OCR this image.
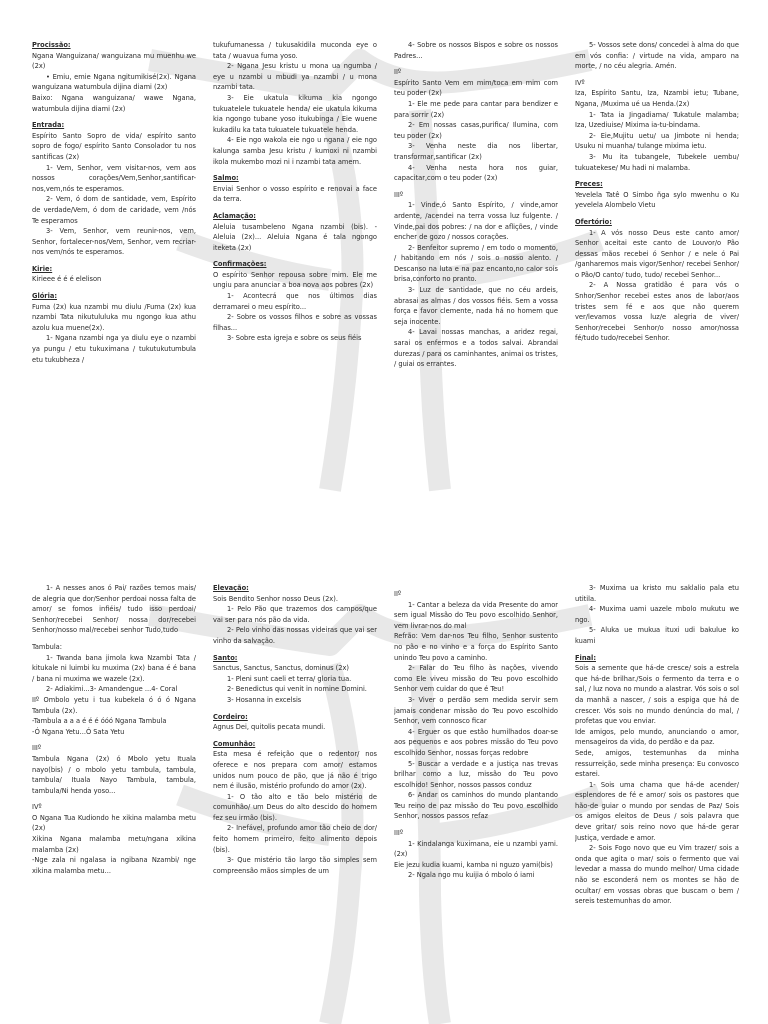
Procissão:
Ngana Wanguizana/ wanguizana mu muenhu we (2x)
• Emiu, emie Ngana ngitumikisé(2x). Ngana wanguizana watumbula dijina diami (2x)
Baixo: Ngana wanguizana/ wawe Ngana, watumbula dijina diami (2x)
Entrada:
Espírito Santo Sopro de vida/ espírito santo sopro de fogo/ espírito Santo Consolador tu nos santificas (2x)
1- Vem, Senhor, vem visitar-nos, vem aos nossos corações/Vem,Senhor,santificar-nos,vem,nós te esperamos.
2- Vem, ó dom de santidade, vem, Espírito de verdade/Vem, ó dom de caridade, vem /nós Te esperamos
3- Vem, Senhor, vem reunir-nos, vem, Senhor, fortalecer-nos/Vem, Senhor, vem recriar-nos vem/nós te esperamos.
Kirie:
Kirieee é é é elelison
Glória:
Fuma (2x) kua nzambi mu diulu /Fuma (2x) kua nzambi Tata nikutululuka mu ngongo kua athu azolu kua muene(2x).
1- Ngana nzambi nga ya diulu eye o nzambi ya pungu / etu tukuximana / tukutukutumbula etu tukubheza /
tukufumanessa / tukusakidila muconda eye o tata / wuavua fuma yoso.
2- Ngana Jesu kristu u mona ua ngumba / eye u nzambi u mbudi ya nzambi / u mona nzambi tata.
3- Eie ukatula kikuma kia ngongo tukuatelele tukuatele henda/ eie ukatula kikuma kia ngongo tubane yoso itukubinga / Eie wuene kukadilu ka tata tukuatele tukuatele henda.
4- Eie ngo wakola eie ngo u ngana / eie ngo kalunga samba Jesu kristu / kumoxi ni nzambi ikola mukembo mozi ni i nzambi tata amem.
Salmo:
Enviai Senhor o vosso espírito e renovai a face da terra.
Aclamação:
Aleluia tusambeleno Ngana nzambi (bis). - Aleluia (2x)... Aleluia Ngana é tala ngongo iteketa (2x)
Confirmações:
O espírito Senhor repousa sobre mim. Ele me ungiu para anunciar a boa nova aos pobres (2x)
1- Acontecrá que nos últimos dias derramarei o meu espírito...
2- Sobre os vossos filhos e sobre as vossas filhas...
3- Sobre esta igreja e sobre os seus fiéis
4- Sobre os nossos Bispos e sobre os nossos Padres...
IIº
Espírito Santo Vem em mim/toca em mim com teu poder (2x)
1- Ele me pede para cantar para bendizer e para sorrir (2x)
2- Em nossas casas,purifica/ Ilumina, com teu poder (2x)
3- Venha neste dia nos libertar, transformar,santificar (2x)
4- Venha nesta hora nos guiar, capacitar,com o teu poder (2x)
IIIº
1- Vinde,ó Santo Espírito, / vinde,amor ardente, /acendei na terra vossa luz fulgente. / Vinde,pai dos pobres: / na dor e aflições, / vinde encher de gozo / nossos corações.
2- Benfeitor supremo / em todo o momento, / habitando em nós / sois o nosso alento. / Descanso na luta e na paz encanto,no calor sois brisa,conforto no pranto.
3- Luz de santidade, que no céu ardeis, abrasai as almas / dos vossos fiéis. Sem a vossa força e favor clemente, nada há no homem que seja inocente.
4- Lavai nossas manchas, a aridez regai, sarai os enfermos e a todos salvai. Abrandai durezas / para os caminhantes, animai os tristes, / guiai os errantes.
5- Vossos sete dons/ concedei à alma do que em vós confia: / virtude na vida, amparo na morte, / no céu alegria. Amén.
IVº
Iza, Espírito Santu, Iza, Nzambi ietu; Tubane, Ngana, /Muxima ué ua Henda.(2x)
1- Tata ia Jingadiama/ Tukatule malamba; Iza, Uzediuise/ Mixima ia-tu-bindama.
2- Eie,Mujitu uetu/ ua Jimbote ni henda; Usuku ni muanha/ tulange mixima ietu.
3- Mu ita tubangele, Tubekele uembu/ tukuatekese/ Mu hadi ni malamba.
Preces:
Yevelela Tatê O Simbo ñga sylo mwenhu o Ku yevelela Alombelo Vietu
Ofertório:
1- A vós nosso Deus este canto amor/ Senhor aceitai este canto de Louvor/o Pão dessas mãos recebei ó Senhor / e nele ó Pai /ganharemos mais vigor/Senhor/ recebei Senhor/ o Pão/O canto/ tudo, tudo/ recebei Senhor...
2- A Nossa gratidão é para vós o Snhor/Senhor recebei estes anos de labor/aos tristes sem fé e aos que não querem ver/levamos vossa luz/e alegria de viver/ Senhor/recebei Senhor/o nosso amor/nossa fé/tudo tudo/recebei Senhor.
1- A nesses anos ó Pai/ razões temos mais/ de alegria que dor/Senhor perdoai nossa falta de amor/ se fomos infiéis/ tudo isso perdoai/ Senhor/recebei Senhor/ nossa dor/recebei Senhor/nosso mal/recebei senhor Tudo,tudo
Tambula:
1- Twanda bana jimola kwa Nzambi Tata / kitukale ni luimbi ku muxima (2x) bana é é bana / bana ni muxima we wazele (2x).
2- Adiakimi...3- Amandengue ...4- Coral
IIº Ombolo yetu i tua kubekela ó ó ó Ngana Tambula (2x).
-Tambula a a a é é é óóó Ngana Tambula
-Ó Ngana Yetu...Ó Sata Yetu
IIIº
Tambula Ngana (2x) ó Mbolo yetu Ituala nayo(bis) / o mbolo yetu tambula, tambula, tambula/ Ituala Nayo Tambula, tambula, tambula/Ni henda yoso...
IVº
O Ngana Tua Kudiondo he xikina malamba metu (2x)
Xikina Ngana malamba metu/ngana xikina malamba (2x)
-Nge zala ni ngalasa ia ngibana Nzambi/ nge xikina malamba metu...
Elevação:
Sois Bendito Senhor nosso Deus (2x).
1- Pelo Pão que trazemos dos campos/que vai ser para nós pão da vida.
2- Pelo vinho das nossas videiras que vai ser vinho da salvação.
Santo:
Sanctus, Sanctus, Sanctus, dominus (2x)
1- Pleni sunt caeli et terra/ gloria tua.
2- Benedictus qui venit in nomine Domini.
3- Hosanna in excelsis
Cordeiro:
Agnus Dei, quitolis pecata mundi.
Comunhão:
Esta mesa é refeição que o redentor/ nos oferece e nos prepara com amor/ estamos unidos num pouco de pão, que já não é trigo nem é ilusão, mistério profundo do amor (2x).
1- O tão alto e tão belo mistério de comunhão/ um Deus do alto descido do homem fez seu irmão (bis).
2- Inefável, profundo amor tão cheio de dor/ feito homem primeiro, feito alimento depois (bis).
3- Que mistério tão largo tão simples sem compreensão mãos simples de um
IIº
1- Cantar a beleza da vida Presente do amor sem igual Missão do Teu povo escolhido Senhor, vem livrar-nos do mal
Refrão: Vem dar-nos Teu filho, Senhor sustento no pão e no vinho e a força do Espírito Santo unindo Teu povo a caminho.
2- Falar do Teu filho às nações, vivendo como Ele viveu missão do Teu povo escolhido Senhor vem cuidar do que é Teu!
3- Viver o perdão sem medida servir sem jamais condenar missão do Teu povo escolhido Senhor, vem connosco ficar
4- Erguer os que estão humilhados doar-se aos pequenos e aos pobres missão do Teu povo escolhido Senhor, nossas forças redobre
5- Buscar a verdade e a justiça nas trevas brilhar como a luz, missão do Teu povo escolhido! Senhor, nossos passos conduz
6- Andar os caminhos do mundo plantando Teu reino de paz missão do Teu povo escolhido Senhor, nossos passos refaz
IIIº
1- Kindalanga kuximana, eie u nzambi yami.(2x)
Eie jezu kudia kuami, kamba ni nguzo yami(bis)
2- Ngala ngo mu kuijia ó mbolo ó iami
3- Muxima ua kristo mu saklalio pala etu utitila.
4- Muxima uami uazele mbolo mukutu we ngo.
5- Aluka ue mukua ituxi udi bakulue ko kuami
Final:
Sois a semente que há-de cresce/ sois a estrela que há-de brilhar./Sois o fermento da terra e o sal, / luz nova no mundo a alastrar. Vós sois o sol da manhã a nascer, / sois a espiga que há de crescer. Vós sois no mundo denúncia do mal, / profetas que vou enviar.
Ide amigos, pelo mundo, anunciando o amor, mensageiros da vida, do perdão e da paz.
Sede, amigos, testemunhas da minha ressurreição, sede minha presença: Eu convosco estarei.
1- Sois uma chama que há-de acender/ esplendores de fé e amor/ sois os pastores que hão-de guiar o mundo por sendas de Paz/ Sois os amigos eleitos de Deus / sois palavra que deve gritar/ sois reino novo que há-de gerar Justiça, verdade e amor.
2- Sois Fogo novo que eu Vim trazer/ sois a onda que agita o mar/ sois o fermento que vai levedar a massa do mundo melhor/ Uma cidade não se esconderá nem os montes se hão de ocultar/ em vossas obras que buscam o bem / sereis testemunhas do amor.
